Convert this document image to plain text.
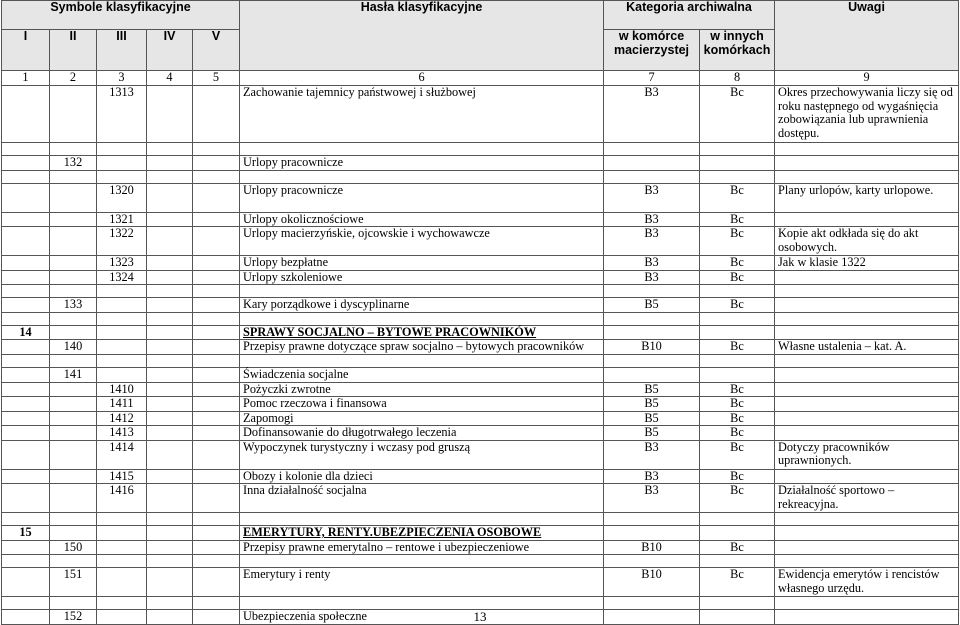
Symbole klasyfikacyjne					Hasła klasyfikacyjne	Kategoria archiwalna		Uwagi
I	II	III	IV	V		w komórce macierzystej	w innych komórkach	
1	2	3	4	5	6	7	8	9
		1313			Zachowanie tajemnicy państwowej i służbowej	B3	Bc	Okres przechowywania liczy się od roku następnego od wygaśnięcia zobowiązania lub uprawnienia dostępu.

	132				Urlopy pracownicze			

		1320			Urlopy pracownicze	B3	Bc	Plany urlopów, karty urlopowe.
		1321			Urlopy okolicznościowe	B3	Bc	
		1322			Urlopy macierzyńskie, ojcowskie i wychowawcze	B3	Bc	Kopie akt odkłada się do akt osobowych.
		1323			Urlopy bezpłatne	B3	Bc	Jak w klasie 1322
		1324			Urlopy szkoleniowe	B3	Bc	

	133				Kary porządkowe i dyscyplinarne	B5	Bc	

14					SPRAWY SOCJALNO – BYTOWE PRACOWNIKÓW			
	140				Przepisy prawne dotyczące spraw socjalno – bytowych pracowników	B10	Bc	Własne ustalenia – kat. A.

	141				Świadczenia socjalne			
		1410			Pożyczki zwrotne	B5	Bc	
		1411			Pomoc rzeczowa i finansowa	B5	Bc	
		1412			Zapomogi	B5	Bc	
		1413			Dofinansowanie do długotrwałego leczenia	B5	Bc	
		1414			Wypoczynek turystyczny i wczasy pod gruszą	B3	Bc	Dotyczy pracowników uprawnionych.
		1415			Obozy i kolonie dla dzieci	B3	Bc	
		1416			Inna działalność socjalna	B3	Bc	Działalność sportowo – rekreacyjna.

15					EMERYTURY, RENTY.UBEZPIECZENIA OSOBOWE			
	150				Przepisy prawne emerytalno – rentowe i ubezpieczeniowe	B10	Bc	

	151				Emerytury i renty	B10	Bc	Ewidencja emerytów i rencistów własnego urzędu.

	152				Ubezpieczenia społeczne				13
